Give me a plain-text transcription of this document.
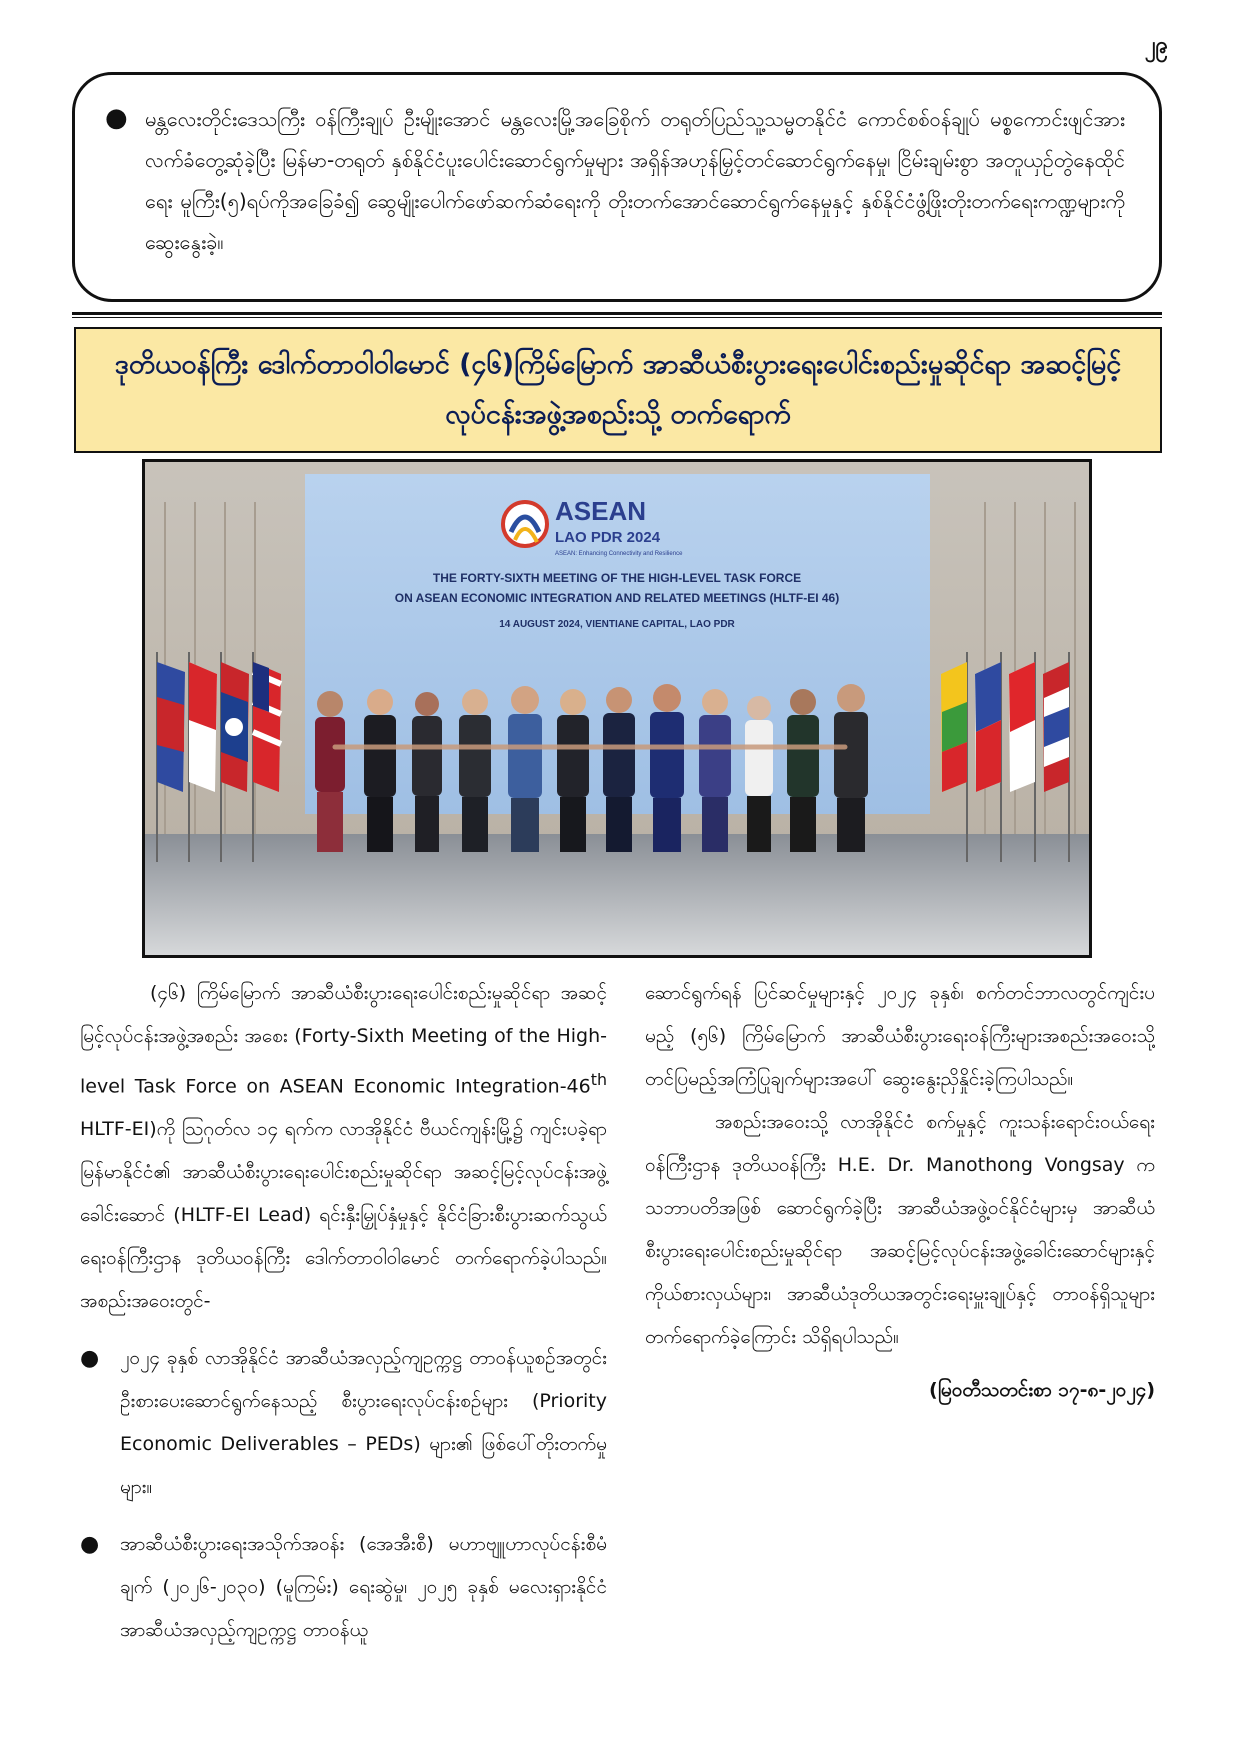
၂၉
● မန္တလေးတိုင်းဒေသကြီး ဝန်ကြီးချုပ် ဦးမျိုးအောင် မန္တလေးမြို့အခြေစိုက် တရုတ်ပြည်သူ့သမ္မတနိုင်ငံ ကောင်စစ်ဝန်ချုပ် မစ္စကောင်းဖျင်အား လက်ခံတွေ့ဆုံခဲ့ပြီး မြန်မာ-တရုတ် နှစ်နိုင်ငံပူးပေါင်းဆောင်ရွက်မှုများ အရှိန်အဟုန်မြှင့်တင်ဆောင်ရွက်နေမှု၊ ငြိမ်းချမ်းစွာ အတူယှဉ်တွဲနေထိုင်ရေး မူကြီး(၅)ရပ်ကိုအခြေခံ၍ ဆွေမျိုးပေါက်ဖော်ဆက်ဆံရေးကို တိုးတက်အောင်ဆောင်ရွက်နေမှုနှင့် နှစ်နိုင်ငံဖွံ့ဖြိုးတိုးတက်ရေးကဏ္ဍများကို ဆွေးနွေးခဲ့။

ဒုတိယဝန်ကြီး ဒေါက်တာဝါဝါမောင် (၄၆)ကြိမ်မြောက် အာဆီယံစီးပွားရေးပေါင်းစည်းမှုဆိုင်ရာ အဆင့်မြင့်လုပ်ငန်းအဖွဲ့အစည်းသို့ တက်ရောက်
ASEAN
LAO PDR 2024
ASEAN: Enhancing Connectivity and Resilience
THE FORTY-SIXTH MEETING OF THE HIGH-LEVEL TASK FORCE
ON ASEAN ECONOMIC INTEGRATION AND RELATED MEETINGS (HLTF-EI 46)
14 AUGUST 2024, VIENTIANE CAPITAL, LAO PDR

(၄၆) ကြိမ်မြောက် အာဆီယံစီးပွားရေးပေါင်းစည်းမှုဆိုင်ရာ အဆင့်မြင့်လုပ်ငန်းအဖွဲ့အစည်း အစေး (Forty-Sixth Meeting of the High-level Task Force on ASEAN Economic Integration-46th HLTF-EI)ကို ဩဂုတ်လ ၁၄ ရက်က လာအိုနိုင်ငံ ဗီယင်ကျန်းမြို့၌ ကျင်းပခဲ့ရာ မြန်မာနိုင်ငံ၏ အာဆီယံစီးပွားရေးပေါင်းစည်းမှုဆိုင်ရာ အဆင့်မြင့်လုပ်ငန်းအဖွဲ့ခေါင်းဆောင် (HLTF-EI Lead) ရင်းနှီးမြှုပ်နှံမှုနှင့် နိုင်ငံခြားစီးပွားဆက်သွယ်ရေးဝန်ကြီးဌာန ဒုတိယဝန်ကြီး ဒေါက်တာဝါဝါမောင် တက်ရောက်ခဲ့ပါသည်။ အစည်းအဝေးတွင်-

● ၂၀၂၄ ခုနှစ် လာအိုနိုင်ငံ အာဆီယံအလှည့်ကျဥက္ကဋ္ဌ တာဝန်ယူစဉ်အတွင်း ဦးစားပေးဆောင်ရွက်နေသည့် စီးပွားရေးလုပ်ငန်းစဉ်များ (Priority Economic Deliverables – PEDs) များ၏ ဖြစ်ပေါ်တိုးတက်မှုများ။

● အာဆီယံစီးပွားရေးအသိုက်အဝန်း (အေအီးစီ) မဟာဗျူဟာလုပ်ငန်းစီမံချက် (၂၀၂၆-၂၀၃၀) (မူကြမ်း) ရေးဆွဲမှု၊ ၂၀၂၅ ခုနှစ် မလေးရှားနိုင်ငံ အာဆီယံအလှည့်ကျဥက္ကဋ္ဌ တာဝန်ယူ

ဆောင်ရွက်ရန် ပြင်ဆင်မှုများနှင့် ၂၀၂၄ ခုနှစ်၊ စက်တင်ဘာလတွင်ကျင်းပမည့် (၅၆) ကြိမ်မြောက် အာဆီယံစီးပွားရေးဝန်ကြီးများအစည်းအဝေးသို့ တင်ပြမည့်အကြံပြုချက်များအပေါ် ဆွေးနွေးညှိနှိုင်းခဲ့ကြပါသည်။

အစည်းအဝေးသို့ လာအိုနိုင်ငံ စက်မှုနှင့် ကူးသန်းရောင်းဝယ်ရေးဝန်ကြီးဌာန ဒုတိယဝန်ကြီး H.E. Dr. Manothong Vongsay က သဘာပတိအဖြစ် ဆောင်ရွက်ခဲ့ပြီး အာဆီယံအဖွဲ့ဝင်နိုင်ငံများမှ အာဆီယံစီးပွားရေးပေါင်းစည်းမှုဆိုင်ရာ အဆင့်မြင့်လုပ်ငန်းအဖွဲ့ခေါင်းဆောင်များနှင့် ကိုယ်စားလှယ်များ၊ အာဆီယံဒုတိယအတွင်းရေးမှူးချုပ်နှင့် တာဝန်ရှိသူများတက်ရောက်ခဲ့ကြောင်း သိရှိရပါသည်။

(မြဝတီသတင်းစာ ၁၇-၈-၂၀၂၄)
